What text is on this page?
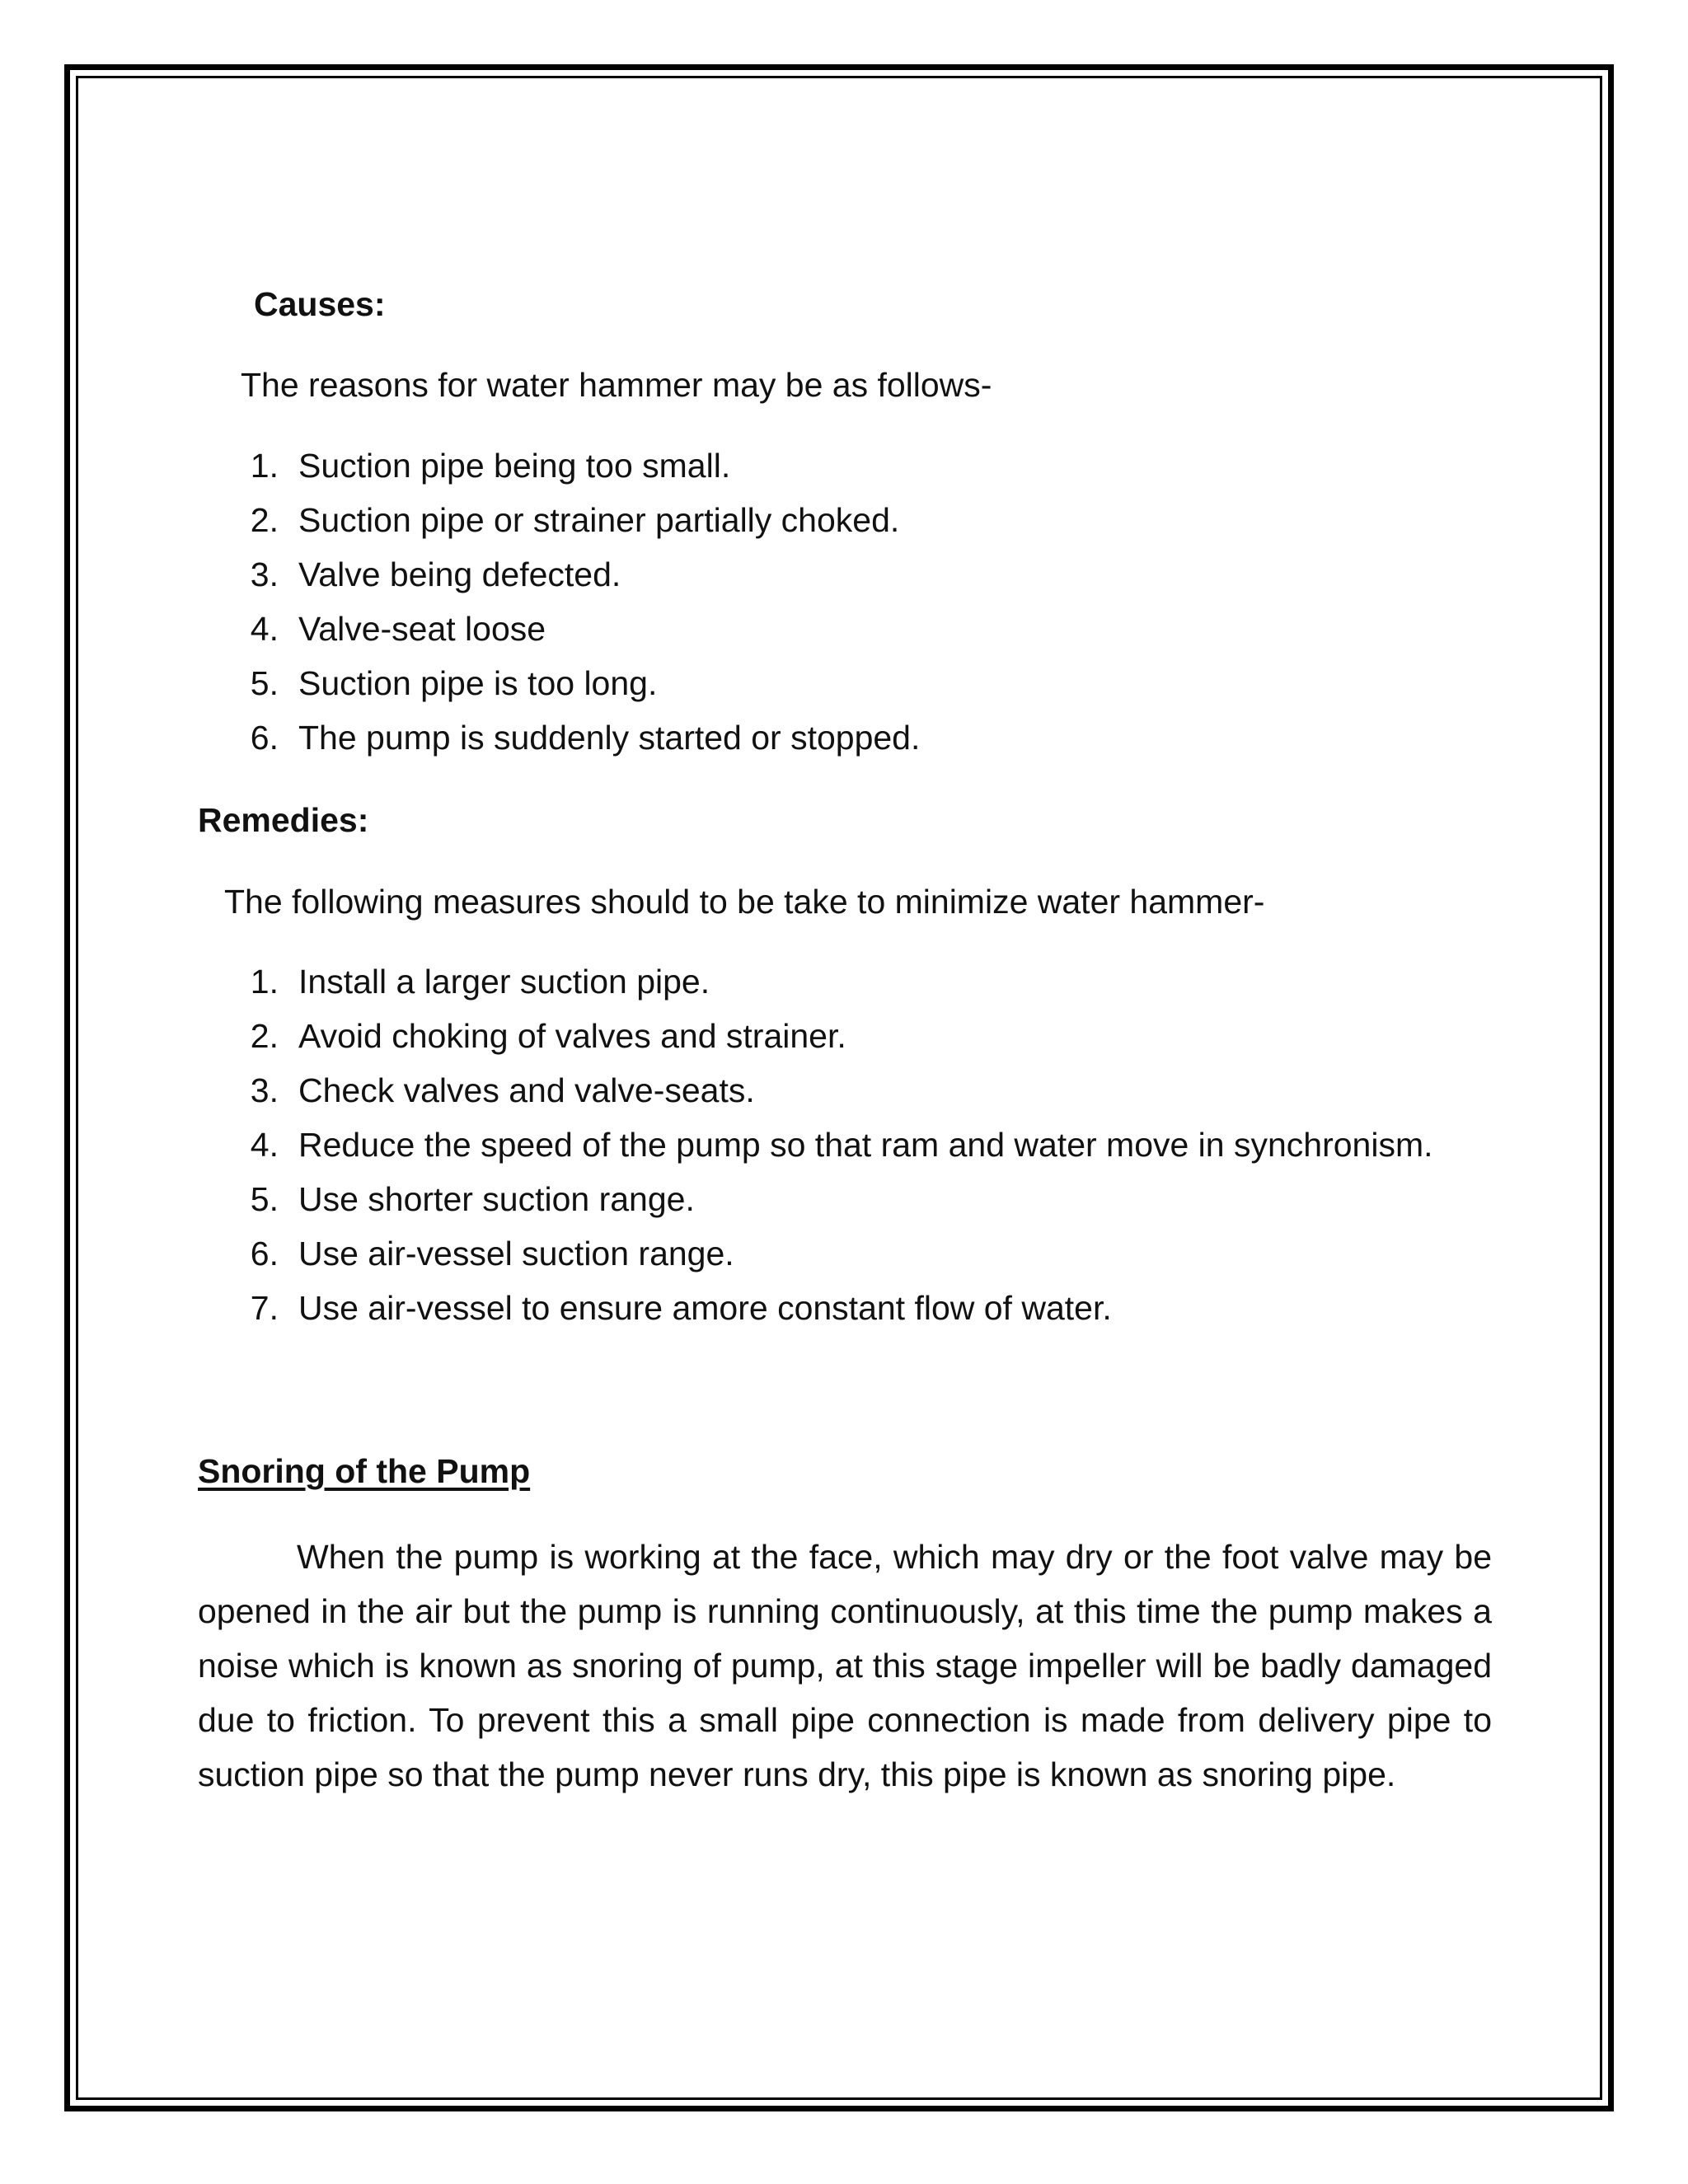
Causes:
The reasons for water hammer may be as follows-
1. Suction pipe being too small.
2. Suction pipe or strainer partially choked.
3. Valve being defected.
4. Valve-seat loose
5. Suction pipe is too long.
6. The pump is suddenly started or stopped.
Remedies:
The following measures should to be take to minimize water hammer-
1. Install a larger suction pipe.
2. Avoid choking of valves and strainer.
3. Check valves and valve-seats.
4. Reduce the speed of the pump so that ram and water move in synchronism.
5. Use shorter suction range.
6. Use air-vessel suction range.
7. Use air-vessel to ensure amore constant flow of water.
Snoring of the Pump
When the pump is working at the face, which may dry or the foot valve may be opened in the air but the pump is running continuously, at this time the pump makes a noise which is known as snoring of pump, at this stage impeller will be badly damaged due to friction. To prevent this a small pipe connection is made from delivery pipe to suction pipe so that the pump never runs dry, this pipe is known as snoring pipe.
